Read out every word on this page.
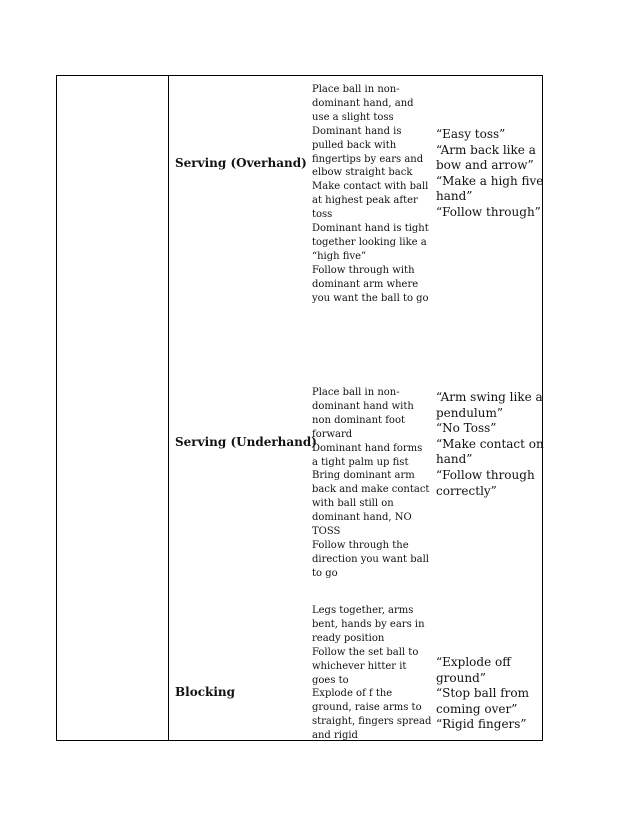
Serving (Overhand)
Place ball in non-
dominant hand, and
use a slight toss
Dominant hand is
pulled back with
fingertips by ears and
elbow straight back
Make contact with ball
at highest peak after
toss
Dominant hand is tight
together looking like a
“high five”
Follow through with
dominant arm where
you want the ball to go
“Easy toss”
“Arm back like a
bow and arrow”
“Make a high five
hand”
“Follow through”
Serving (Underhand)
Place ball in non-
dominant hand with
non dominant foot
forward
Dominant hand forms
a tight palm up fist
Bring dominant arm
back and make contact
with ball still on
dominant hand, NO
TOSS
Follow through the
direction you want ball
to go
“Arm swing like a
pendulum”
“No Toss”
“Make contact on
hand”
“Follow through
correctly”
Blocking
Legs together, arms
bent, hands by ears in
ready position
Follow the set ball to
whichever hitter it
goes to
Explode of f the
ground, raise arms to
straight, fingers spread
and rigid
“Explode off
ground”
“Stop ball from
coming over”
“Rigid fingers”
